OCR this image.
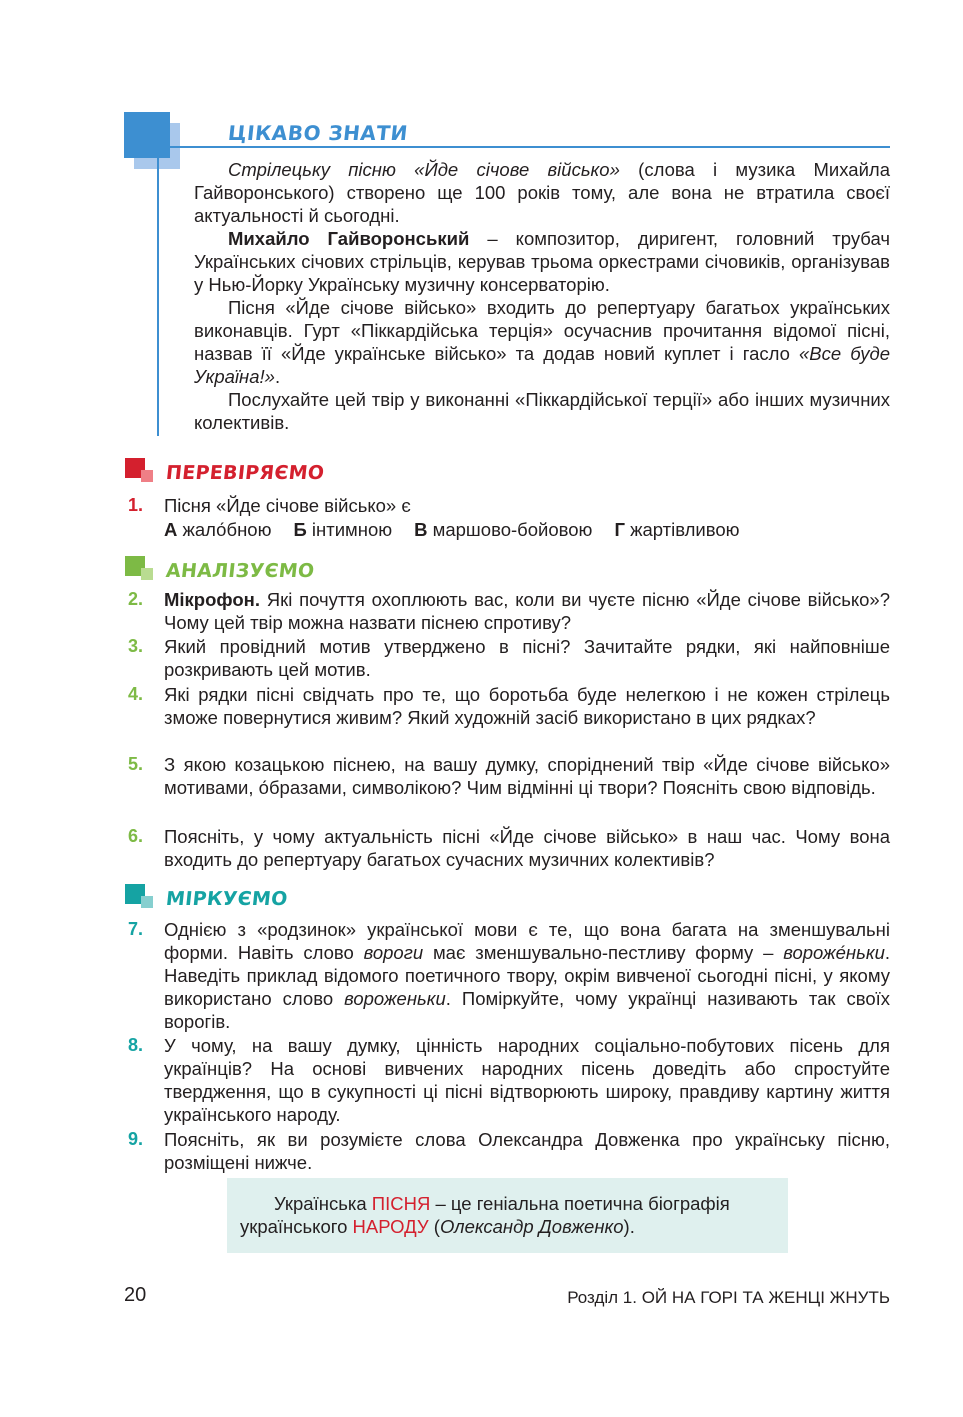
ЦІКАВО ЗНАТИ

Стрілецьку пісню «Йде січове військо» (слова і музика Михайла Гайворонського) створено ще 100 років тому, але вона не втратила своєї актуальності й сьогодні.

Михайло Гайворонський – композитор, диригент, головний трубач Українських січових стрільців, керував трьома оркестрами січовиків, організував у Нью-Йорку Українську музичну консерваторію.

Пісня «Йде січове військо» входить до репертуару багатьох українських виконавців. Гурт «Піккардійська терція» осучаснив прочитання відомої пісні, назвав її «Йде українське військо» та додав новий куплет і гасло «Все буде Україна!».

Послухайте цей твір у виконанні «Піккардійської терції» або інших музичних колективів.

ПЕРЕВІРЯЄМО
1.	Пісня «Йде січове військо» є
А жало́бною Б інтимною В маршово-бойовою Г жартівливою
АНАЛІЗУЄМО
2.	Мікрофон. Які почуття охоплюють вас, коли ви чуєте пісню «Йде січове військо»? Чому цей твір можна назвати піснею спротиву?

3.	Який провідний мотив утверджено в пісні? Зачитайте рядки, які найповніше розкривають цей мотив.

4.	Які рядки пісні свідчать про те, що боротьба буде нелегкою і не кожен стрілець зможе повернутися живим? Який художній засіб використано в цих рядках?

5.	З якою козацькою піснею, на вашу думку, споріднений твір «Йде січове військо» мотивами, о́бразами, символікою? Чим відмінні ці твори? Поясніть свою відповідь.

6.	Поясніть, у чому актуальність пісні «Йде січове військо» в наш час. Чому вона входить до репертуару багатьох сучасних музичних колективів?

МІРКУЄМО
7.	Однією з «родзинок» української мови є те, що вона багата на зменшувальні форми. Навіть слово вороги має зменшувально-пестливу форму – вороже́ньки. Наведіть приклад відомого поетичного твору, окрім вивченої сьогодні пісні, у якому використано слово вороженьки. Поміркуйте, чому українці називають так своїх ворогів.

8.	У чому, на вашу думку, цінність народних соціально-побутових пісень для українців? На основі вивчених народних пісень доведіть або спростуйте твердження, що в сукупності ці пісні відтворюють широку, правдиву картину життя українського народу.

9.	Поясніть, як ви розумієте слова Олександра Довженка про українську пісню, розміщені нижче.

Українська ПІСНЯ – це геніальна поетична біографія українського НАРОДУ (Олександр Довженко).

20	Розділ 1. ОЙ НА ГОРІ ТА ЖЕНЦІ ЖНУТЬ
